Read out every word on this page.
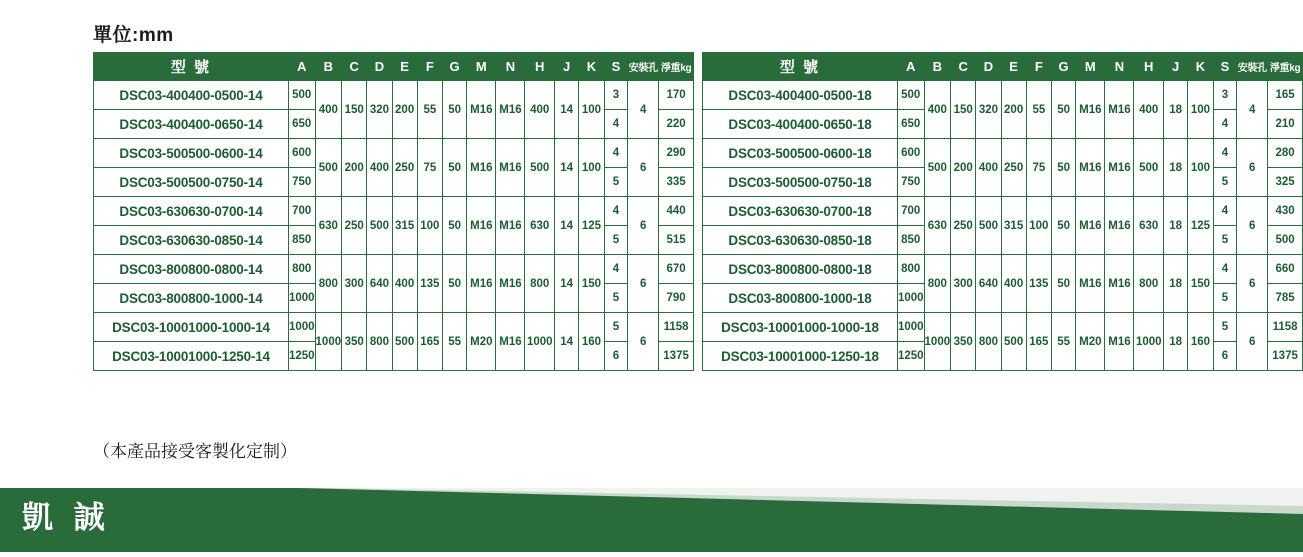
單位:mm
型 號	A	B	C	D	E	F	G	M	N	H	J	K	S	安裝孔	淨重kg
DSC03-400400-0500-14	500	400	150	320	200	55	50	M16	M16	400	14	100	3	4	170
DSC03-400400-0650-14	650												4		220
DSC03-500500-0600-14	600	500	200	400	250	75	50	M16	M16	500	14	100	4	6	290
DSC03-500500-0750-14	750												5		335
DSC03-630630-0700-14	700	630	250	500	315	100	50	M16	M16	630	14	125	4	6	440
DSC03-630630-0850-14	850												5		515
DSC03-800800-0800-14	800	800	300	640	400	135	50	M16	M16	800	14	150	4	6	670
DSC03-800800-1000-14	1000												5		790
DSC03-10001000-1000-14	1000	1000	350	800	500	165	55	M20	M16	1000	14	160	5	6	1158
DSC03-10001000-1250-14	1250												6		1375
型 號	A	B	C	D	E	F	G	M	N	H	J	K	S	安裝孔	淨重kg
DSC03-400400-0500-18	500	400	150	320	200	55	50	M16	M16	400	18	100	3	4	165
DSC03-400400-0650-18	650												4		210
DSC03-500500-0600-18	600	500	200	400	250	75	50	M16	M16	500	18	100	4	6	280
DSC03-500500-0750-18	750												5		325
DSC03-630630-0700-18	700	630	250	500	315	100	50	M16	M16	630	18	125	4	6	430
DSC03-630630-0850-18	850												5		500
DSC03-800800-0800-18	800	800	300	640	400	135	50	M16	M16	800	18	150	4	6	660
DSC03-800800-1000-18	1000												5		785
DSC03-10001000-1000-18	1000	1000	350	800	500	165	55	M20	M16	1000	18	160	5	6	1158
DSC03-10001000-1250-18	1250												6		1375
（本產品接受客製化定制）
凱 誠
